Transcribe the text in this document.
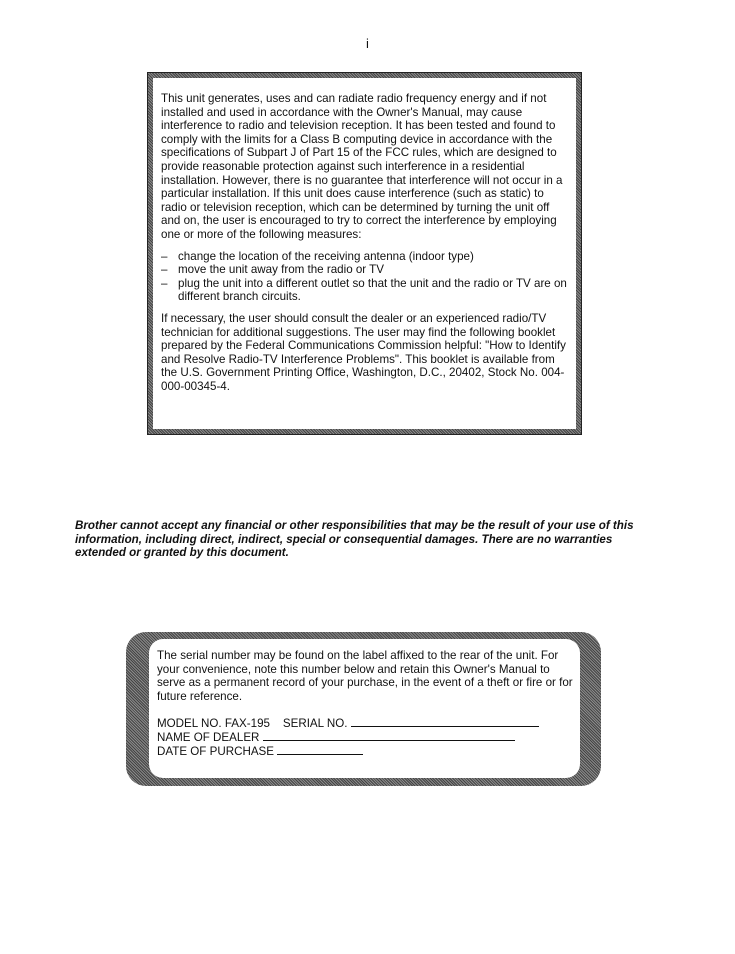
i

This unit generates, uses and can radiate radio frequency energy and if not installed and used in accordance with the Owner's Manual, may cause interference to radio and television reception. It has been tested and found to comply with the limits for a Class B computing device in accordance with the specifications of Subpart J of Part 15 of the FCC rules, which are designed to provide reasonable protection against such interference in a residential installation. However, there is no guarantee that interference will not occur in a particular installation. If this unit does cause interference (such as static) to radio or television reception, which can be determined by turning the unit off and on, the user is encouraged to try to correct the interference by employing one or more of the following measures:

– change the location of the receiving antenna (indoor type)
– move the unit away from the radio or TV
– plug the unit into a different outlet so that the unit and the radio or TV are on different branch circuits.

If necessary, the user should consult the dealer or an experienced radio/TV technician for additional suggestions. The user may find the following booklet prepared by the Federal Communications Commission helpful: "How to Identify and Resolve Radio-TV Interference Problems". This booklet is available from the U.S. Government Printing Office, Washington, D.C., 20402, Stock No. 004-000-00345-4.

Brother cannot accept any financial or other responsibilities that may be the result of your use of this information, including direct, indirect, special or consequential damages. There are no warranties extended or granted by this document.

The serial number may be found on the label affixed to the rear of the unit. For your convenience, note this number below and retain this Owner's Manual to serve as a permanent record of your purchase, in the event of a theft or fire or for future reference.

MODEL NO. FAX-195 SERIAL NO.
NAME OF DEALER
DATE OF PURCHASE
